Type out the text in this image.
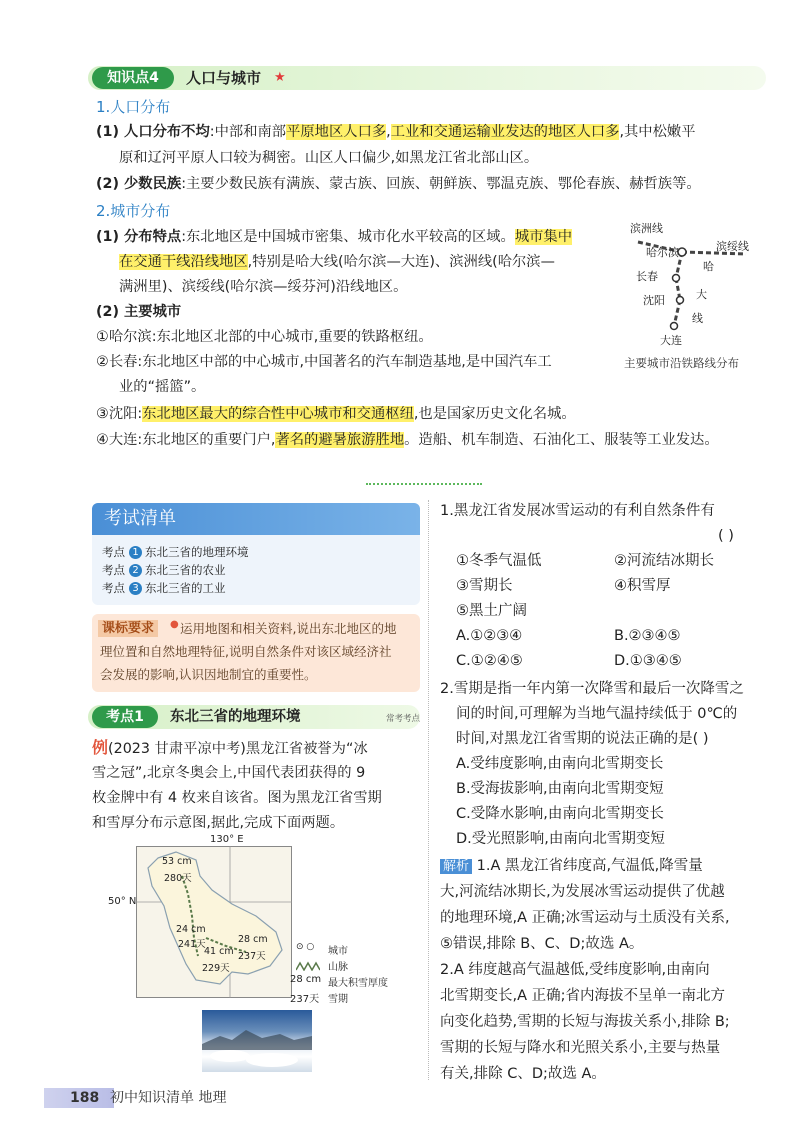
知识点4	人口与城市 ★
1.人口分布
(1) 人口分布不均:中部和南部平原地区人口多,工业和交通运输业发达的地区人口多,其中松嫩平
原和辽河平原人口较为稠密。山区人口偏少,如黑龙江省北部山区。
(2) 少数民族:主要少数民族有满族、蒙古族、回族、朝鲜族、鄂温克族、鄂伦春族、赫哲族等。
2.城市分布
(1) 分布特点:东北地区是中国城市密集、城市化水平较高的区域。城市集中
在交通干线沿线地区,特别是哈大线(哈尔滨—大连)、滨洲线(哈尔滨—
满洲里)、滨绥线(哈尔滨—绥芬河)沿线地区。
(2) 主要城市
①哈尔滨:东北地区北部的中心城市,重要的铁路枢纽。
②长春:东北地区中部的中心城市,中国著名的汽车制造基地,是中国汽车工
业的“摇篮”。
③沈阳:东北地区最大的综合性中心城市和交通枢纽,也是国家历史文化名城。
④大连:东北地区的重要门户,著名的避暑旅游胜地。造船、机车制造、石油化工、服装等工业发达。
滨洲线
哈尔滨	滨绥线
长春
哈
沈阳	大
线
大连
主要城市沿铁路线分布
考试清单
考点 1 东北三省的地理环境
考点 2 东北三省的农业
考点 3 东北三省的工业
课标要求	● 运用地图和相关资料,说出东北地区的地
理位置和自然地理特征,说明自然条件对该区域经济社
会发展的影响,认识因地制宜的重要性。
考点1	东北三省的地理环境	常考考点
例(2023 甘肃平凉中考)黑龙江省被誉为“冰
雪之冠”,北京冬奥会上,中国代表团获得的 9
枚金牌中有 4 枚来自该省。图为黑龙江省雪期
和雪厚分布示意图,据此,完成下面两题。
130° E
50° N
53 cm
280天
24 cm
241天	28 cm
41 cm 237天
229天
⊙ ○ 城市
山脉
28 cm 最大积雪厚度
237天 雪期
1.黑龙江省发展冰雪运动的有利自然条件有
( )
①冬季气温低	②河流结冰期长
③雪期长	④积雪厚
⑤黑土广阔
A.①②③④	B.②③④⑤
C.①②④⑤	D.①③④⑤
2.雪期是指一年内第一次降雪和最后一次降雪之
间的时间,可理解为当地气温持续低于 0℃的
时间,对黑龙江省雪期的说法正确的是( )
A.受纬度影响,由南向北雪期变长
B.受海拔影响,由南向北雪期变短
C.受降水影响,由南向北雪期变长
D.受光照影响,由南向北雪期变短
解析 1.A 黑龙江省纬度高,气温低,降雪量
大,河流结冰期长,为发展冰雪运动提供了优越
的地理环境,A 正确;冰雪运动与土质没有关系,
⑤错误,排除 B、C、D;故选 A。
2.A 纬度越高气温越低,受纬度影响,由南向
北雪期变长,A 正确;省内海拔不呈单一南北方
向变化趋势,雪期的长短与海拔关系小,排除 B;
雪期的长短与降水和光照关系小,主要与热量
有关,排除 C、D;故选 A。
188 初中知识清单 地理
